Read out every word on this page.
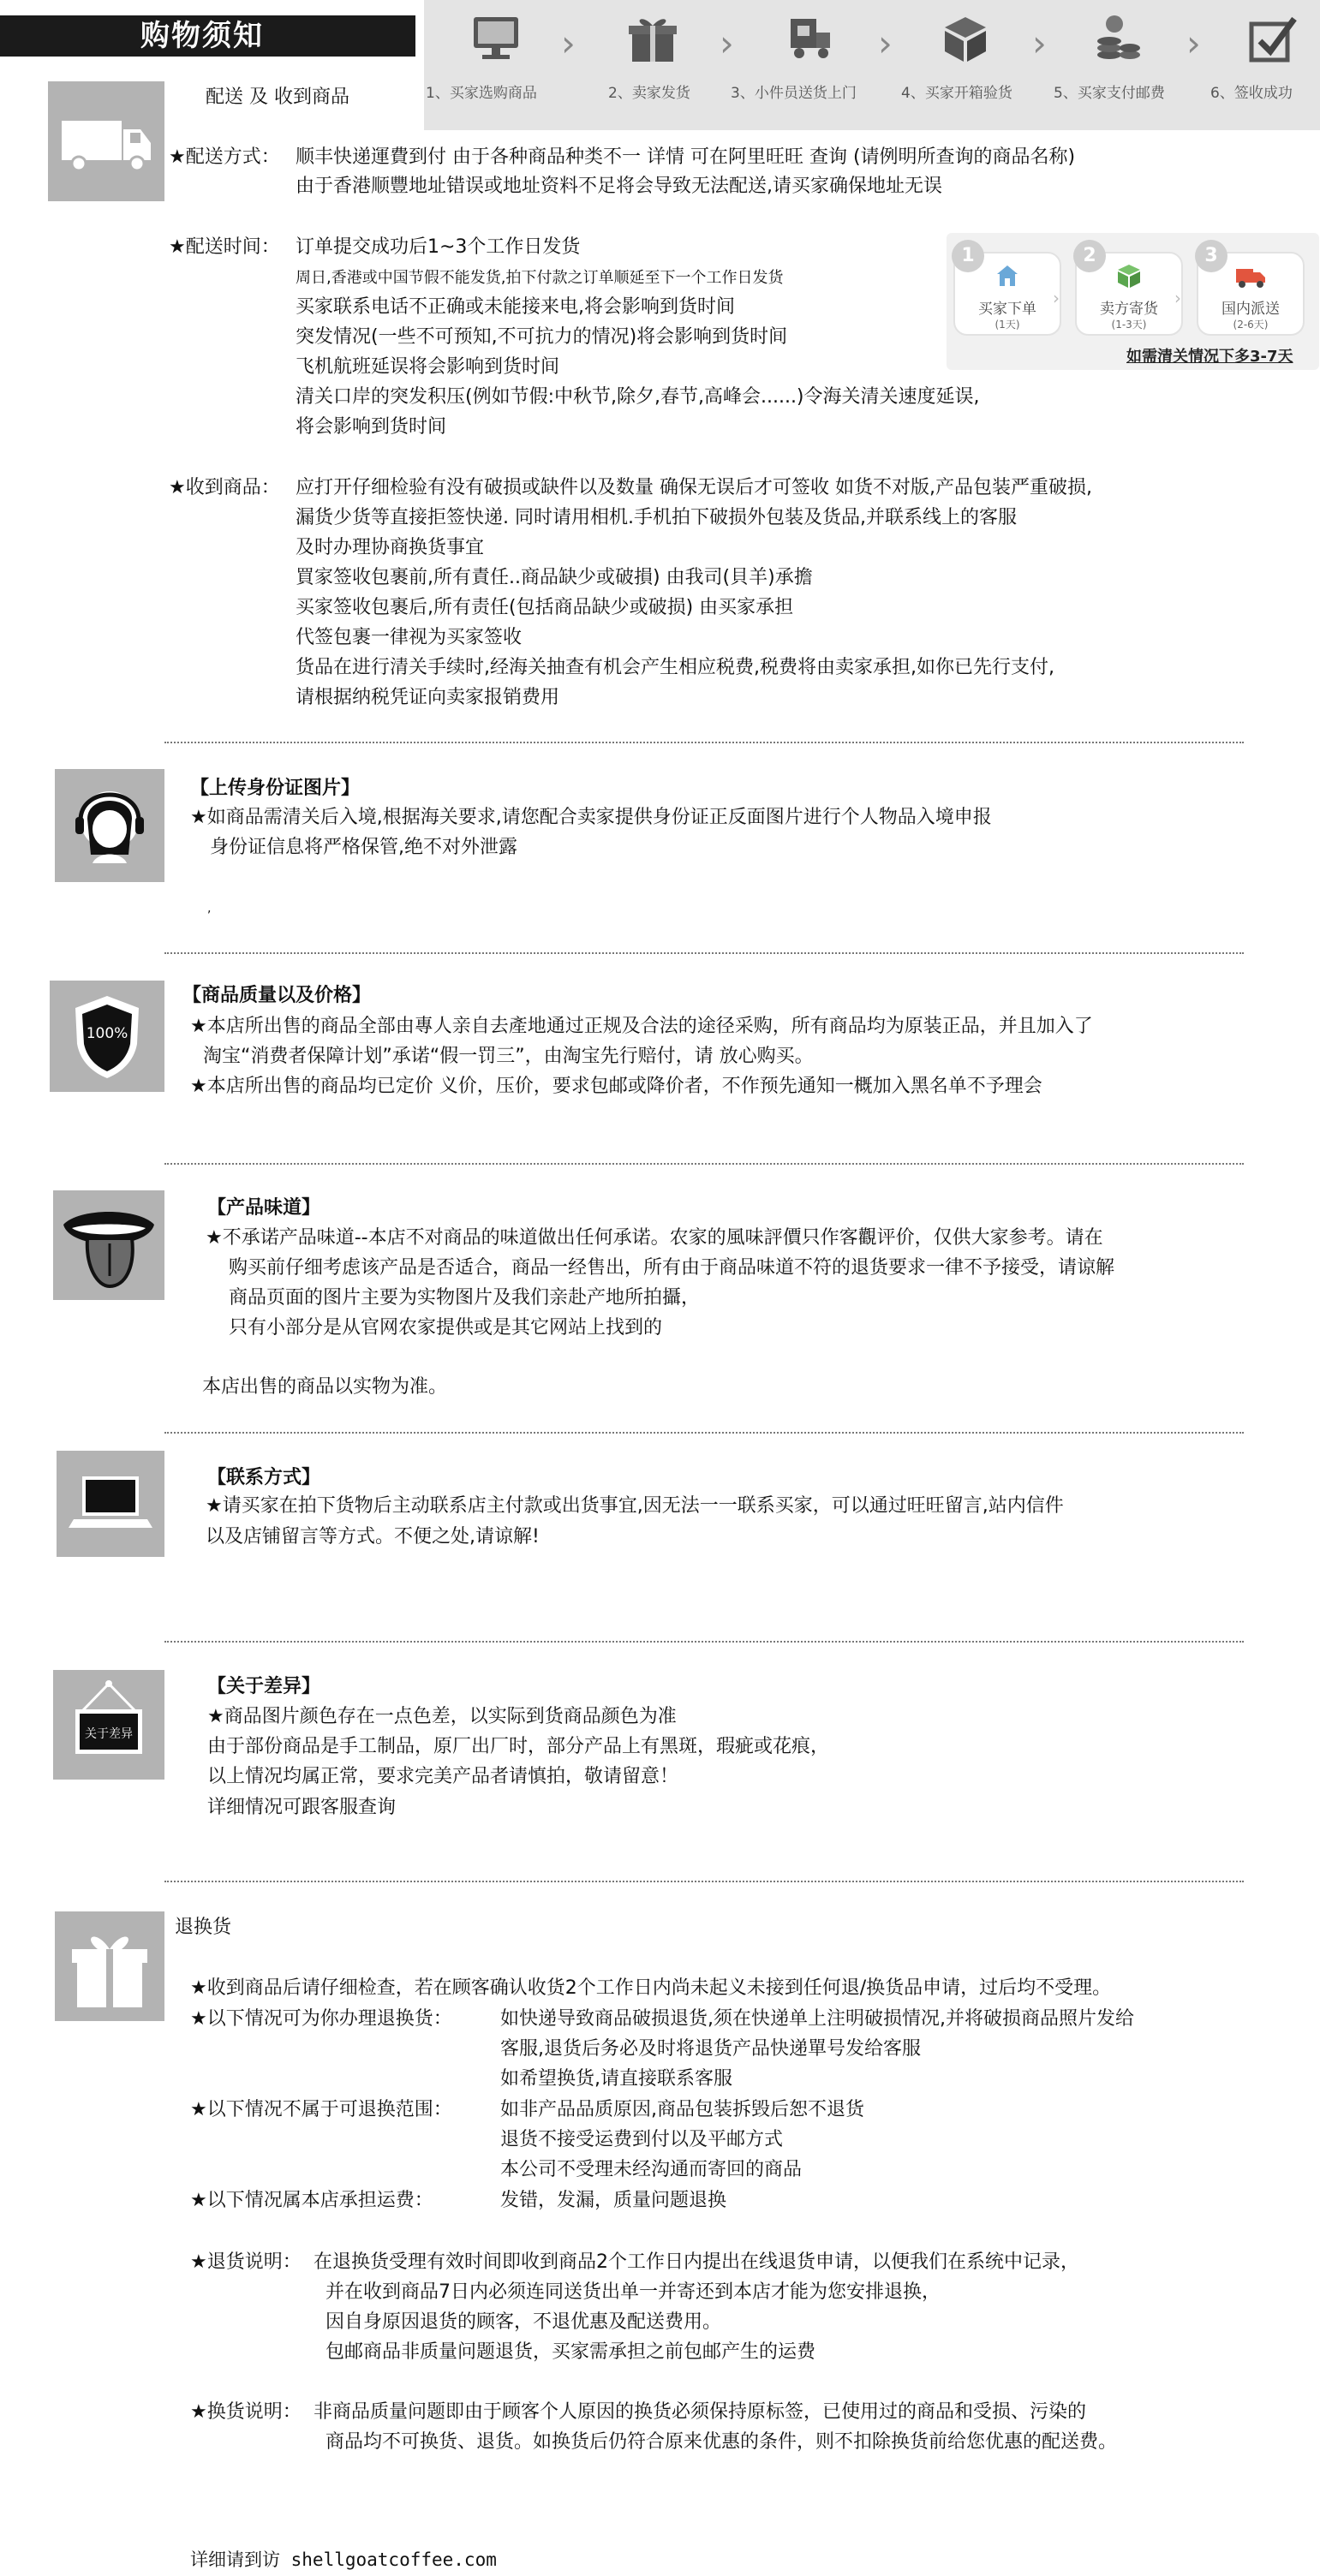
购物须知	›	›	›	›	›
1、买家选购商品	2、卖家发货	3、小件员送货上门	4、买家开箱验货	5、买家支付邮费	6、签收成功
配送 及 收到商品
★配送方式： 顺丰快递運費到付 由于各种商品种类不一 详情 可在阿里旺旺 查询 (请例明所查询的商品名称)
由于香港顺豐地址错误或地址资料不足将会导致无法配送,请买家确保地址无误
★配送时间： 订单提交成功后1~3个工作日发货
周日,香港或中国节假不能发货,拍下付款之订单顺延至下一个工作日发货
买家联系电话不正确或未能接来电,将会影响到货时间
突发情况(一些不可预知,不可抗力的情况)将会影响到货时间
飞机航班延误将会影响到货时间
清关口岸的突发积压(例如节假:中秋节,除夕,春节,高峰会......)令海关清关速度延误,
将会影响到货时间
买家下单
(1天)
1
卖方寄货
(1-3天)
2
国内派送
(2-6天)
3
›	›
如需清关情况下多3-7天
★收到商品： 应打开仔细检验有没有破损或缺件以及数量 确保无误后才可签收 如货不对版,产品包装严重破损,
漏货少货等直接拒签快递. 同时请用相机.手机拍下破损外包装及货品,并联系线上的客服
及时办理协商换货事宜
買家签收包裹前,所有責任..商品缺少或破損) 由我司(貝羊)承擔
买家签收包裹后,所有责任(包括商品缺少或破损) 由买家承担
代签包裹一律视为买家签收
货品在进行清关手续时,经海关抽查有机会产生相应税费,税费将由卖家承担,如你已先行支付,
请根据纳税凭证向卖家报销费用
【上传身份证图片】
★如商品需清关后入境,根据海关要求,请您配合卖家提供身份证正反面图片进行个人物品入境申报
身份证信息将严格保管,绝不对外泄露
,
100%
【商品质量以及价格】
★本店所出售的商品全部由專人亲自去產地通过正规及合法的途径采购，所有商品均为原装正品，并且加入了
淘宝“消费者保障计划”承诺“假一罚三”，由淘宝先行赔付，请 放心购买。
★本店所出售的商品均已定价 义价，压价，要求包邮或降价者，不作预先通知一概加入黑名单不予理会
【产品味道】
★不承诺产品味道--本店不对商品的味道做出任何承诺。农家的風味評價只作客觀评价，仅供大家参考。请在
购买前仔细考虑该产品是否适合，商品一经售出，所有由于商品味道不符的退货要求一律不予接受，请谅解
商品页面的图片主要为实物图片及我们亲赴产地所拍攝，
只有小部分是从官网农家提供或是其它网站上找到的
本店出售的商品以实物为准。
【联系方式】
★请买家在拍下货物后主动联系店主付款或出货事宜,因无法一一联系买家，可以通过旺旺留言,站内信件
以及店铺留言等方式。不便之处,请谅解!
关于差异
【关于差异】
★商品图片颜色存在一点色差，以实际到货商品颜色为准
由于部份商品是手工制品，原厂出厂时，部分产品上有黑斑，瑕疵或花痕，
以上情况均属正常，要求完美产品者请慎拍，敬请留意！
详细情况可跟客服查询
退换货
★收到商品后请仔细检查，若在顾客确认收货2个工作日内尚未起义未接到任何退/换货品申请，过后均不受理。
★以下情况可为你办理退换货：	如快递导致商品破损退货,须在快递单上注明破损情况,并将破损商品照片发给
客服,退货后务必及时将退货产品快递單号发给客服
如希望换货,请直接联系客服
★以下情况不属于可退换范围：	如非产品品质原因,商品包装拆毁后恕不退货
退货不接受运费到付以及平邮方式
本公司不受理未经沟通而寄回的商品
★以下情况属本店承担运费：	发错，发漏，质量问题退换
★退货说明： 在退换货受理有效时间即收到商品2个工作日内提出在线退货申请，以便我们在系统中记录，
并在收到商品7日内必须连同送货出单一并寄还到本店才能为您安排退换，
因自身原因退货的顾客，不退优惠及配送费用。
包邮商品非质量问题退货，买家需承担之前包邮产生的运费
★换货说明： 非商品质量问题即由于顾客个人原因的换货必须保持原标签，已使用过的商品和受损、污染的
商品均不可换货、退货。如换货后仍符合原来优惠的条件，则不扣除换货前给您优惠的配送费。
详细请到访 shellgoatcoffee.com
